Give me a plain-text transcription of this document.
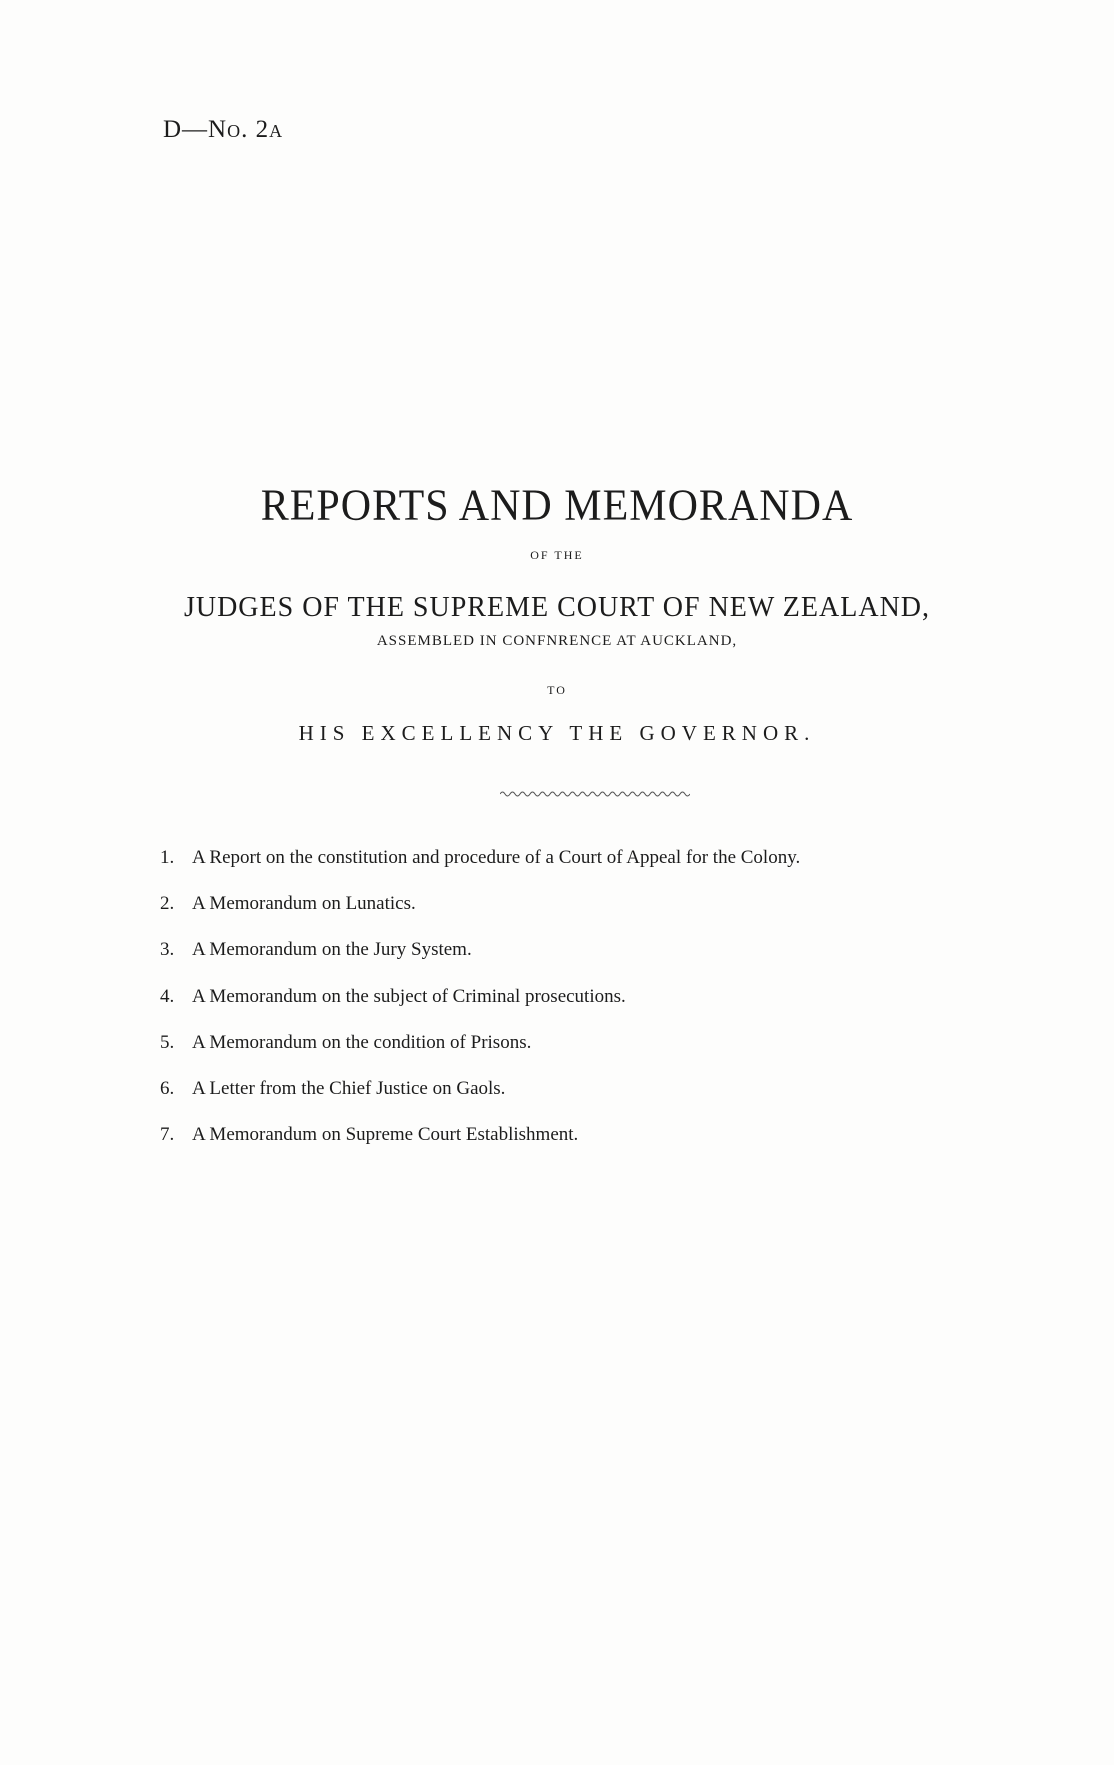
D—No. 2a
REPORTS AND MEMORANDA
OF THE
JUDGES OF THE SUPREME COURT OF NEW ZEALAND,
ASSEMBLED IN CONFNRENCE AT AUCKLAND,
TO
HIS EXCELLENCY THE GOVERNOR.
1. A Report on the constitution and procedure of a Court of Appeal for the Colony.
2. A Memorandum on Lunatics.
3. A Memorandum on the Jury System.
4. A Memorandum on the subject of Criminal prosecutions.
5. A Memorandum on the condition of Prisons.
6. A Letter from the Chief Justice on Gaols.
7. A Memorandum on Supreme Court Establishment.
